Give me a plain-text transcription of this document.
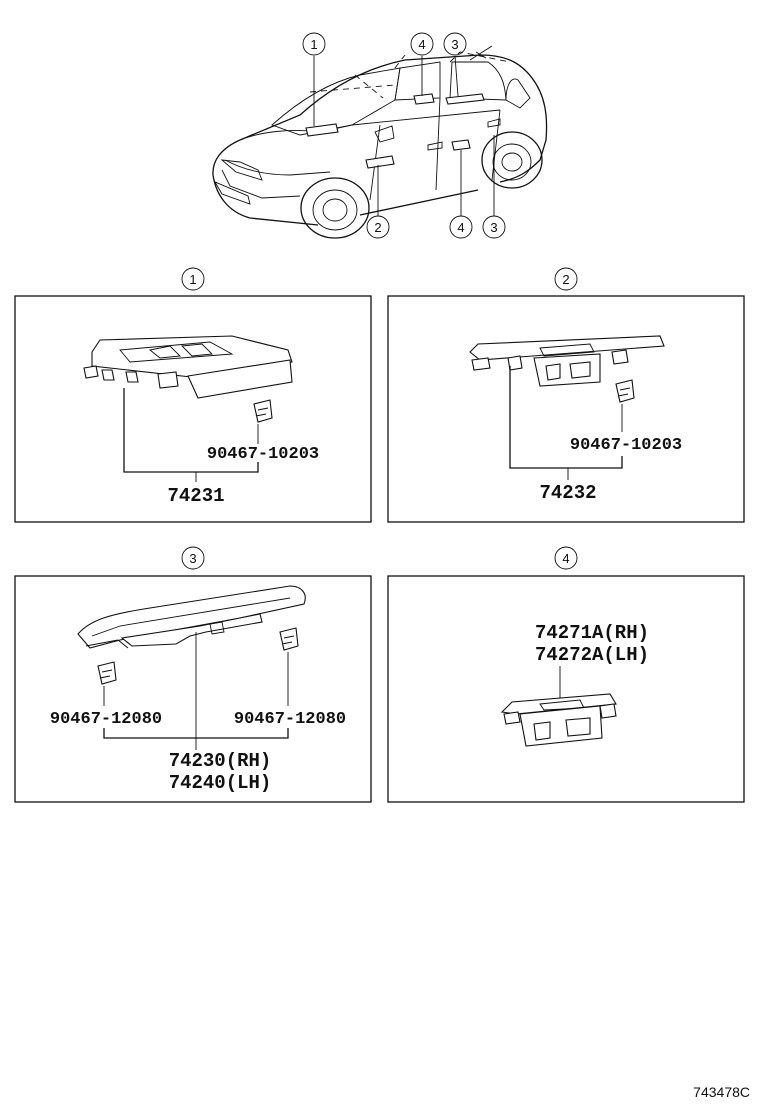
1	4 3
2	4 3
1
90467-10203
74231
2
90467-10203
74232
3
90467-12080	90467-12080
74230(RH)
74240(LH)
4
74271A(RH)
74272A(LH)
743478C
